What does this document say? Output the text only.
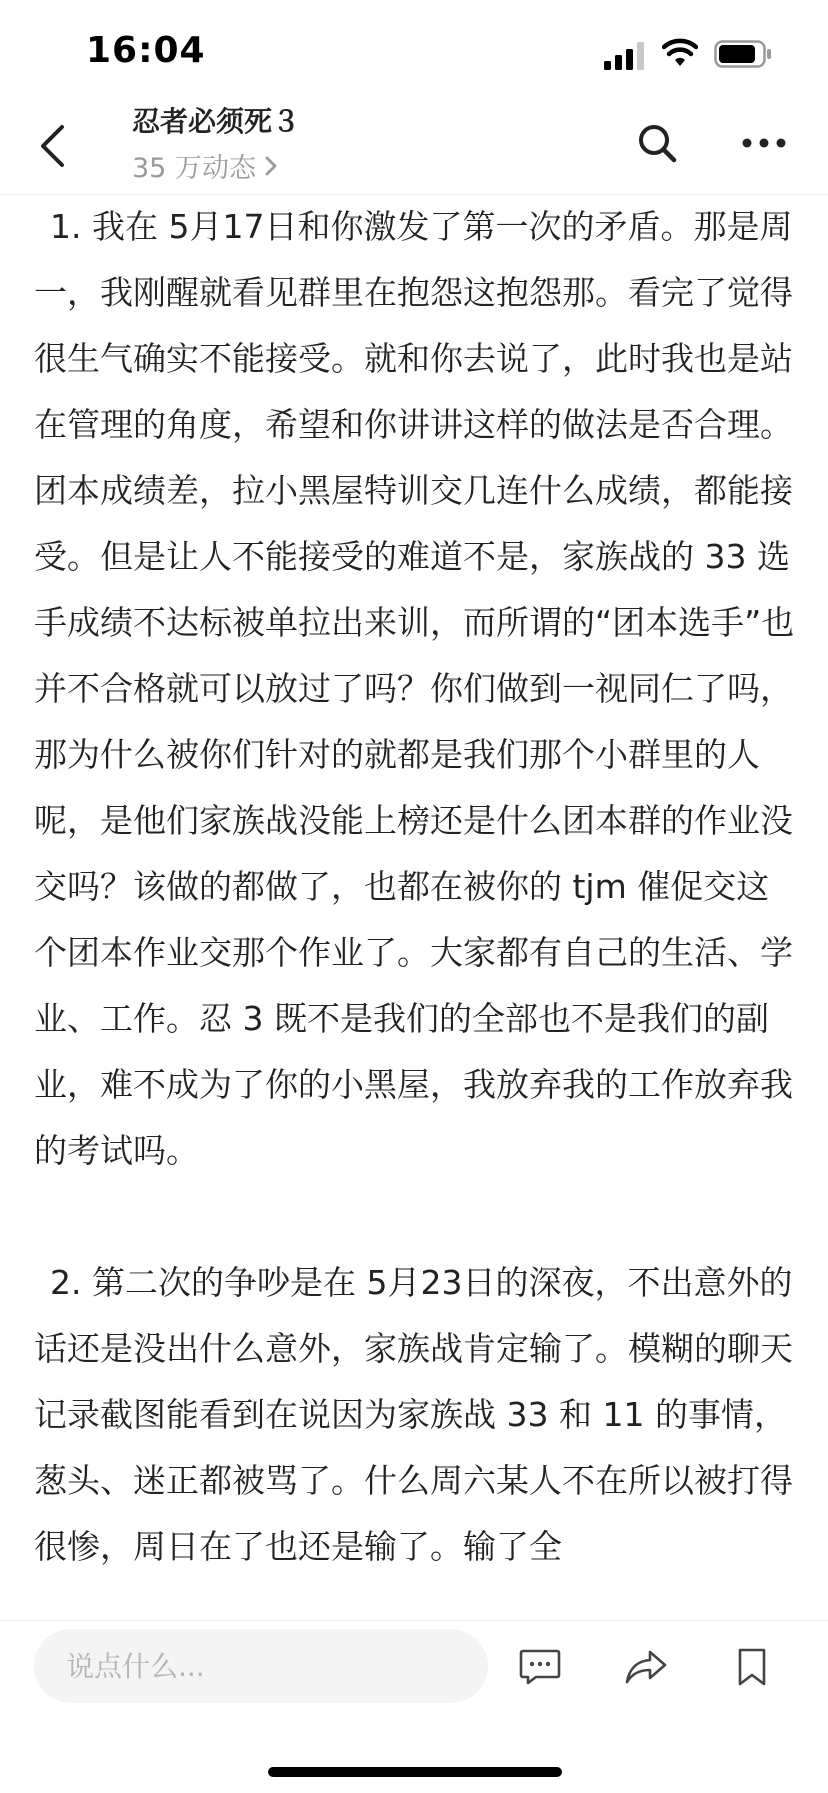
16:04
忍者必须死３
35 万动态

1. 我在 5月17日和你激发了第一次的矛盾。那是周一，我刚醒就看见群里在抱怨这抱怨那。看完了觉得很生气确实不能接受。就和你去说了，此时我也是站在管理的角度，希望和你讲讲这样的做法是否合理。团本成绩差，拉小黑屋特训交几连什么成绩，都能接受。但是让人不能接受的难道不是，家族战的 33 选手成绩不达标被单拉出来训，而所谓的“团本选手”也并不合格就可以放过了吗？你们做到一视同仁了吗，那为什么被你们针对的就都是我们那个小群里的人呢，是他们家族战没能上榜还是什么团本群的作业没交吗？该做的都做了，也都在被你的 tjm 催促交这个团本作业交那个作业了。大家都有自己的生活、学业、工作。忍 3 既不是我们的全部也不是我们的副业，难不成为了你的小黑屋，我放弃我的工作放弃我的考试吗。

2. 第二次的争吵是在 5月23日的深夜，不出意外的话还是没出什么意外，家族战肯定输了。模糊的聊天记录截图能看到在说因为家族战 33 和 11 的事情，葱头、迷正都被骂了。什么周六某人不在所以被打得很惨，周日在了也还是输了。输了全

说点什么...
